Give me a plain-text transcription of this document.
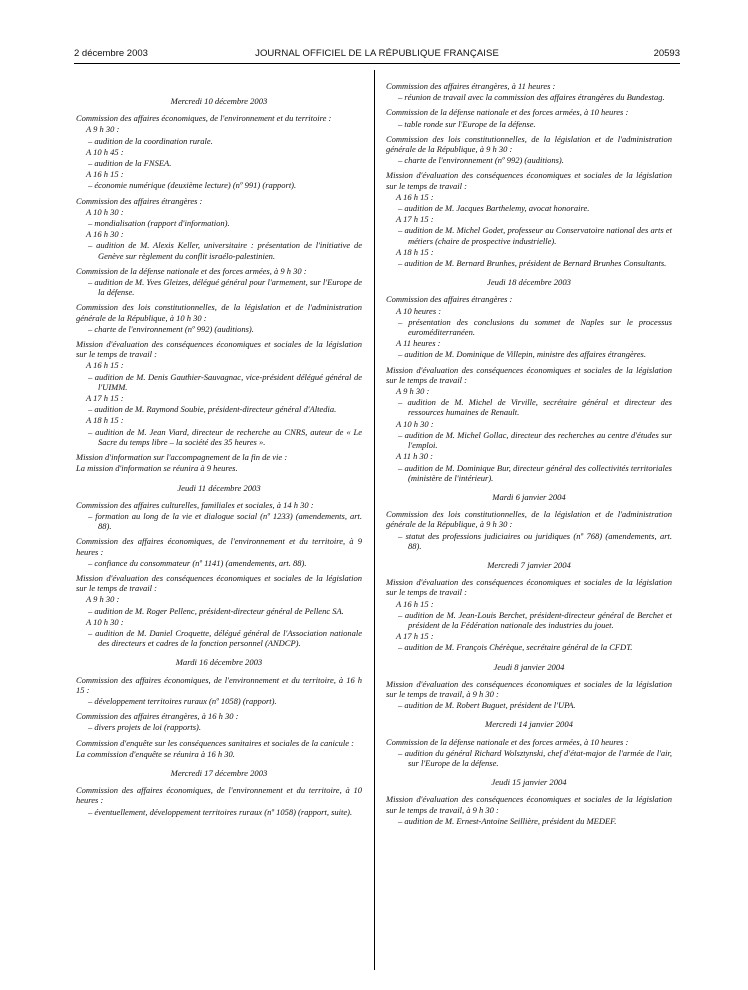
2 décembre 2003	JOURNAL OFFICIEL DE LA RÉPUBLIQUE FRANÇAISE	20593
Mercredi 10 décembre 2003
Commission des affaires économiques, de l'environnement et du territoire :
A 9 h 30 :
– audition de la coordination rurale.
A 10 h 45 :
– audition de la FNSEA.
A 16 h 15 :
– économie numérique (deuxième lecture) (nº 991) (rapport).
Commission des affaires étrangères :
A 10 h 30 :
– mondialisation (rapport d'information).
A 16 h 30 :
– audition de M. Alexis Keller, universitaire : présentation de l'initiative de Genève sur règlement du conflit israélo-palestinien.
Commission de la défense nationale et des forces armées, à 9 h 30 :
– audition de M. Yves Gleizes, délégué général pour l'armement, sur l'Europe de la défense.
Commission des lois constitutionnelles, de la législation et de l'administration générale de la République, à 10 h 30 :
– charte de l'environnement (nº 992) (auditions).
Mission d'évaluation des conséquences économiques et sociales de la législation sur le temps de travail :
A 16 h 15 :
– audition de M. Denis Gauthier-Sauvagnac, vice-président délégué général de l'UIMM.
A 17 h 15 :
– audition de M. Raymond Soubie, président-directeur général d'Altedia.
A 18 h 15 :
– audition de M. Jean Viard, directeur de recherche au CNRS, auteur de « Le Sacre du temps libre – la société des 35 heures ».
Mission d'information sur l'accompagnement de la fin de vie :
La mission d'information se réunira à 9 heures.
Jeudi 11 décembre 2003
Commission des affaires culturelles, familiales et sociales, à 14 h 30 :
– formation au long de la vie et dialogue social (nº 1233) (amendements, art. 88).
Commission des affaires économiques, de l'environnement et du territoire, à 9 heures :
– confiance du consommateur (nº 1141) (amendements, art. 88).
Mission d'évaluation des conséquences économiques et sociales de la législation sur le temps de travail :
A 9 h 30 :
– audition de M. Roger Pellenc, président-directeur général de Pellenc SA.
A 10 h 30 :
– audition de M. Daniel Croquette, délégué général de l'Association nationale des directeurs et cadres de la fonction personnel (ANDCP).
Mardi 16 décembre 2003
Commission des affaires économiques, de l'environnement et du territoire, à 16 h 15 :
– développement territoires ruraux (nº 1058) (rapport).
Commission des affaires étrangères, à 16 h 30 :
– divers projets de loi (rapports).
Commission d'enquête sur les conséquences sanitaires et sociales de la canicule :
La commission d'enquête se réunira à 16 h 30.
Mercredi 17 décembre 2003
Commission des affaires économiques, de l'environnement et du territoire, à 10 heures :
– éventuellement, développement territoires ruraux (nº 1058) (rapport, suite).
Commission des affaires étrangères, à 11 heures :
– réunion de travail avec la commission des affaires étrangères du Bundestag.
Commission de la défense nationale et des forces armées, à 10 heures :
– table ronde sur l'Europe de la défense.
Commission des lois constitutionnelles, de la législation et de l'administration générale de la République, à 9 h 30 :
– charte de l'environnement (nº 992) (auditions).
Mission d'évaluation des conséquences économiques et sociales de la législation sur le temps de travail :
A 16 h 15 :
– audition de M. Jacques Barthelemy, avocat honoraire.
A 17 h 15 :
– audition de M. Michel Godet, professeur au Conservatoire national des arts et métiers (chaire de prospective industrielle).
A 18 h 15 :
– audition de M. Bernard Brunhes, président de Bernard Brunhes Consultants.
Jeudi 18 décembre 2003
Commission des affaires étrangères :
A 10 heures :
– présentation des conclusions du sommet de Naples sur le processus euroméditerranéen.
A 11 heures :
– audition de M. Dominique de Villepin, ministre des affaires étrangères.
Mission d'évaluation des conséquences économiques et sociales de la législation sur le temps de travail :
A 9 h 30 :
– audition de M. Michel de Virville, secrétaire général et directeur des ressources humaines de Renault.
A 10 h 30 :
– audition de M. Michel Gollac, directeur des recherches au centre d'études sur l'emploi.
A 11 h 30 :
– audition de M. Dominique Bur, directeur général des collectivités territoriales (ministère de l'intérieur).
Mardi 6 janvier 2004
Commission des lois constitutionnelles, de la législation et de l'administration générale de la République, à 9 h 30 :
– statut des professions judiciaires ou juridiques (nº 768) (amendements, art. 88).
Mercredi 7 janvier 2004
Mission d'évaluation des conséquences économiques et sociales de la législation sur le temps de travail :
A 16 h 15 :
– audition de M. Jean-Louis Berchet, président-directeur général de Berchet et président de la Fédération nationale des industries du jouet.
A 17 h 15 :
– audition de M. François Chérèque, secrétaire général de la CFDT.
Jeudi 8 janvier 2004
Mission d'évaluation des conséquences économiques et sociales de la législation sur le temps de travail, à 9 h 30 :
– audition de M. Robert Buguet, président de l'UPA.
Mercredi 14 janvier 2004
Commission de la défense nationale et des forces armées, à 10 heures :
– audition du général Richard Wolsztynski, chef d'état-major de l'armée de l'air, sur l'Europe de la défense.
Jeudi 15 janvier 2004
Mission d'évaluation des conséquences économiques et sociales de la législation sur le temps de travail, à 9 h 30 :
– audition de M. Ernest-Antoine Seillière, président du MEDEF.
